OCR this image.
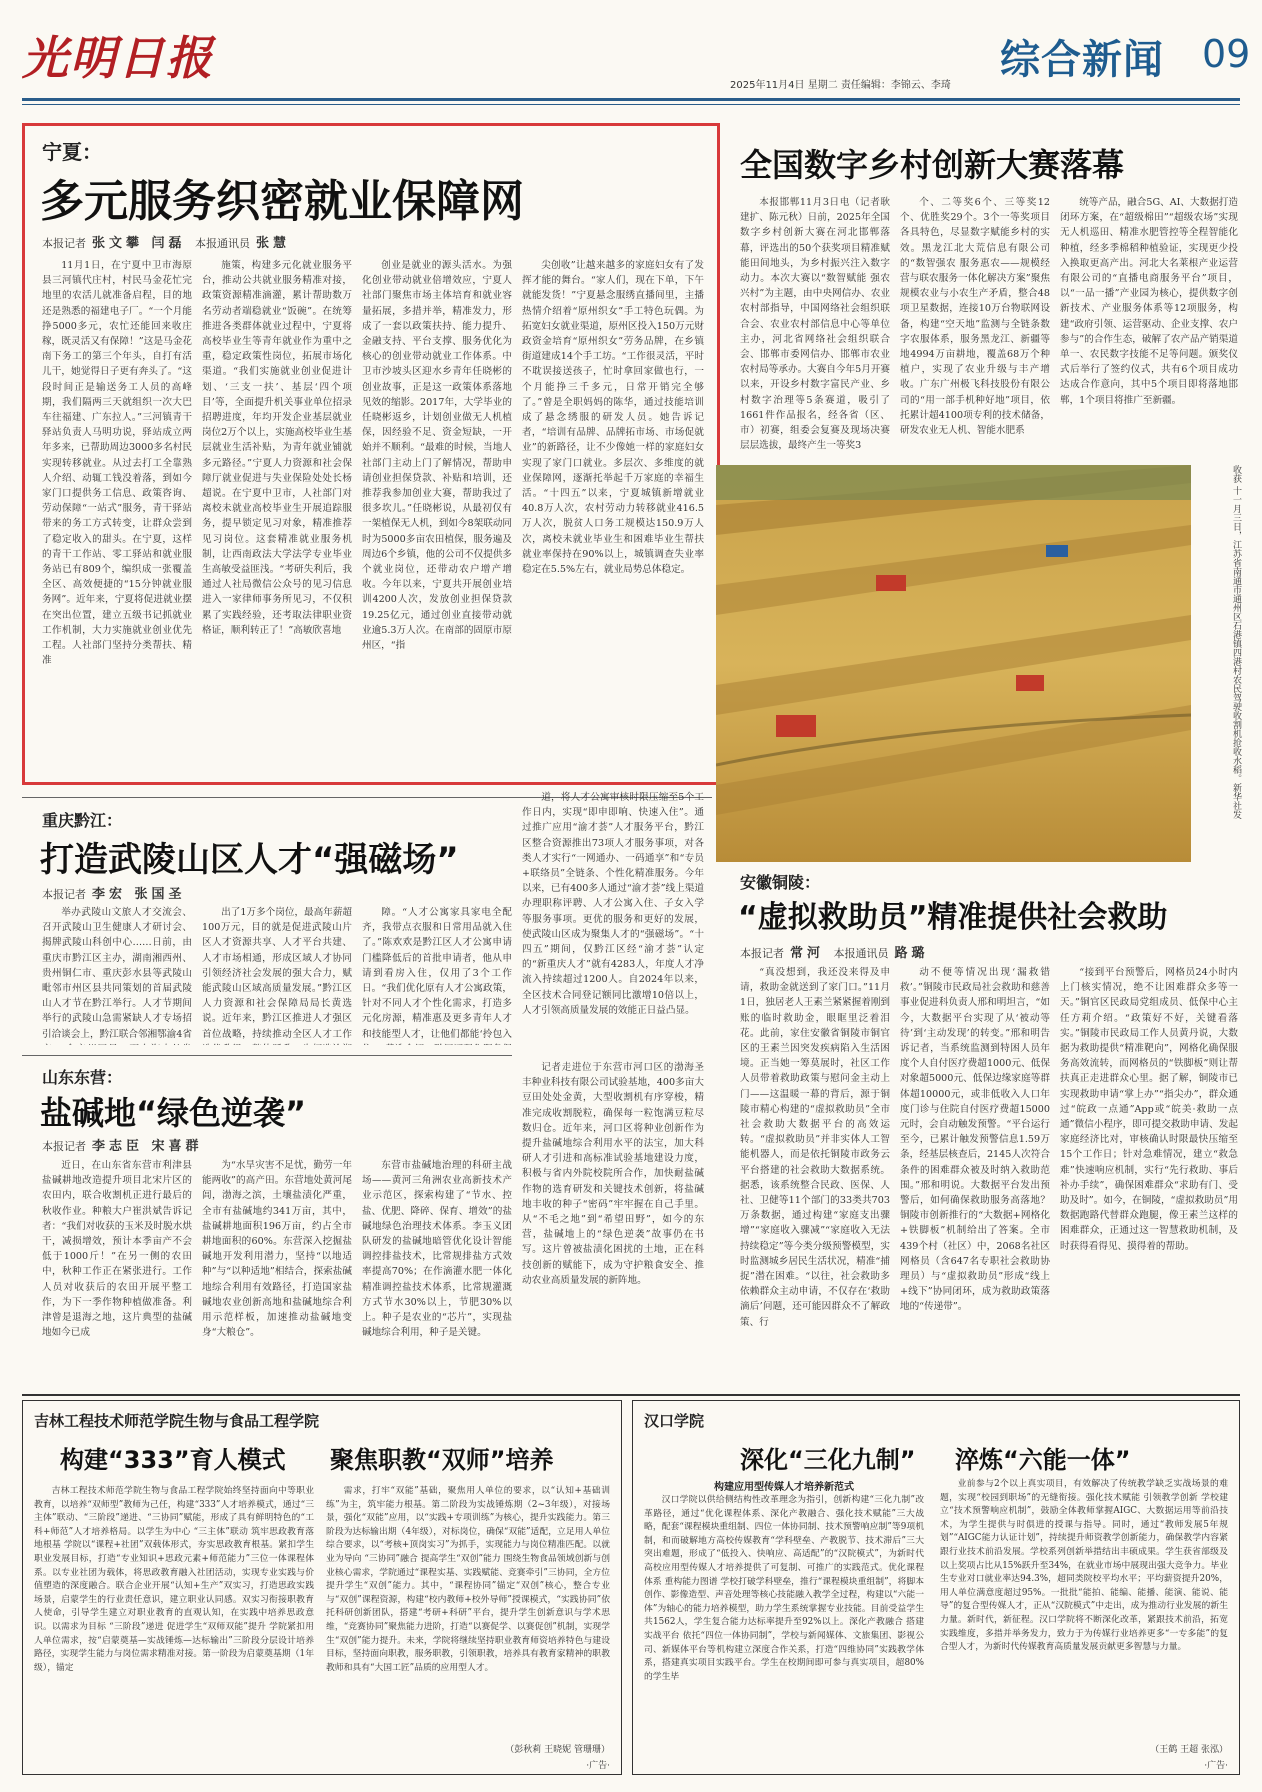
光明日报	综合新闻 09
2025年11月4日 星期二 责任编辑：李锦云、李琦
宁夏：
多元服务织密就业保障网
本报记者 张文攀 闫磊 本报通讯员 张慧

11月1日，在宁夏中卫市海原县三河镇代庄村，村民马金花忙完地里的农活儿就准备启程，目的地还是熟悉的福建电子厂。“一个月能挣5000多元，农忙还能回来收庄稼，既灵活又有保障！”这是马金花南下务工的第三个年头，自打有活儿干，她觉得日子更有奔头了。“这段时间正是输送务工人员的高峰期，我们隔两三天就组织一次大巴车往福建、广东拉人。”三河镇青干驿站负责人马明功说，驿站成立两年多来，已帮助周边3000多名村民实现转移就业。从过去打工全靠熟人介绍、动辄工钱没着落，到如今家门口提供务工信息、政策咨询、劳动保障“一站式”服务，青干驿站带来的务工方式转变，让群众尝到了稳定收入的甜头。在宁夏，这样的青干工作站、零工驿站和就业服务站已有809个，编织成一张覆盖全区、高效便捷的“15分钟就业服务网”。近年来，宁夏将促进就业摆在突出位置，建立五级书记抓就业工作机制，大力实施就业创业优先工程。人社部门坚持分类帮扶、精准

施策，构建多元化就业服务平台，推动公共就业服务精准对接，政策资源精准滴灌，累计帮助数万名劳动者端稳就业“饭碗”。在统筹推进各类群体就业过程中，宁夏将高校毕业生等青年就业作为重中之重，稳定政策性岗位，拓展市场化渠道。“我们实施就业创业促进计划、‘三支一扶’、基层‘四个项目’等，全面提升机关事业单位招录招聘进度，年均开发企业基层就业岗位2万个以上，实施高校毕业生基层就业生活补贴，为青年就业铺就多元路径。”宁夏人力资源和社会保障厅就业促进与失业保险处处长杨超说。在宁夏中卫市，人社部门对离校未就业高校毕业生开展追踪服务，提早锁定见习对象，精准推荐见习岗位。这套精准就业服务机制，让西南政法大学法学专业毕业生高敏受益匪浅。“考研失利后，我通过人社局微信公众号的见习信息进入一家律师事务所见习，不仅积累了实践经验，还考取法律职业资格证，顺利转正了！”高敏欣喜地

创业是就业的源头活水。为强化创业带动就业倍增效应，宁夏人社部门聚焦市场主体培育和就业容量拓展，多措并举，精准发力，形成了一套以政策扶持、能力提升、金融支持、平台支撑、服务优化为核心的创业带动就业工作体系。中卫市沙坡头区迎水乡青年任晓彬的创业故事，正是这一政策体系落地见效的缩影。2017年，大学毕业的任晓彬返乡，计划创业做无人机植保，因经验不足、资金短缺，一开始并不顺利。“最难的时候，当地人社部门主动上门了解情况，帮助申请创业担保贷款、补贴和培训，还推荐我参加创业大赛，帮助我过了很多坎儿。”任晓彬说，从最初仅有一架植保无人机，到如今8架联动同时为5000多亩农田植保，服务遍及周边6个乡镇，他的公司不仅提供多个就业岗位，还带动农户增产增收。今年以来，宁夏共开展创业培训4200人次，发放创业担保贷款19.25亿元，通过创业直接带动就业逾5.3万人次。在南部的固原市原州区，“指

尖创收”让越来越多的家庭妇女有了发挥才能的舞台。“家人们，现在下单，下午就能发货！”宁夏悬念服绣直播间里，主播热情介绍着“原州织女”手工特色玩偶。为拓宽妇女就业渠道，原州区投入150万元财政资金培育“原州织女”劳务品牌，在乡镇街道建成14个手工坊。“工作很灵活，平时不耽误接送孩子，忙时拿回家做也行，一个月能挣三千多元，日常开销完全够了。”曾是全职妈妈的陈华，通过技能培训成了悬念绣服的研发人员。她告诉记者，“培训有品牌、品牌拓市场、市场促就业”的新路径，让不少像她一样的家庭妇女实现了家门口就业。多层次、多维度的就业保障网，逐渐托举起千万家庭的幸福生活。“十四五”以来，宁夏城镇新增就业40.8万人次，农村劳动力转移就业416.5万人次，脱贫人口务工规模达150.9万人次，离校未就业毕业生和困难毕业生帮扶就业率保持在90%以上，城镇调查失业率稳定在5.5%左右，就业局势总体稳定。

全国数字乡村创新大赛落幕

本报邯郸11月3日电（记者耿建扩、陈元秋）日前，2025年全国数字乡村创新大赛在河北邯郸落幕，评选出的50个获奖项目精准赋能田间地头，为乡村振兴注入数字动力。本次大赛以“数智赋能 强农兴村”为主题，由中央网信办、农业农村部指导，中国网络社会组织联合会、农业农村部信息中心等单位主办，河北省网络社会组织联合会、邯郸市委网信办、邯郸市农业农村局等承办。大赛自今年5月开赛以来，开设乡村数字富民产业、乡村数字治理等5条赛道，吸引了1661件作品报名，经各省（区、市）初赛，组委会复赛及现场决赛层层选拔，最终产生一等奖3

个、二等奖6个、三等奖12个、优胜奖29个。3个一等奖项目各具特色，尽显数字赋能乡村的实效。黑龙江北大荒信息有限公司的“数智强农 服务惠农——规模经营与联农服务一体化解决方案”聚焦规模农业与小农生产矛盾，整合48项卫星数据，连接10万台物联网设备，构建“空天地”监测与全链条数字农服体系，服务黑龙江、新疆等地4994万亩耕地，覆盖68万个种植户，实现了农业升级与丰产增收。广东广州极飞科技股份有限公司的“用一部手机种好地”项目，依托累计超4100项专利的技术储备，研发农业无人机、智能水肥系

统等产品，融合5G、AI、大数据打造闭环方案，在“超级棉田”“超级农场”实现无人机巡田、精准水肥管控等全程智能化种植，经多季棉稻种植验证，实现更少投入换取更高产出。河北大名莱根产业运营有限公司的“直播电商服务平台”项目，以“一品一播”产业园为核心，提供数字创新技术、产业服务体系等12项服务，构建“政府引领、运营驱动、企业支撑、农户参与”的合作生态，破解了农产品产销渠道单一、农民数字技能不足等问题。颁奖仪式后举行了签约仪式，共有6个项目成功达成合作意向，其中5个项目即将落地邯郸，1个项目将推广至新疆。

收获 十一月三日，江苏省南通市通州区石港镇四港村农民驾驶收割机抢收水稻。新华社发
重庆黔江：
打造武陵山区人才“强磁场”
本报记者 李宏 张国圣

举办武陵山文旅人才交流会、召开武陵山卫生健康人才研讨会、揭牌武陵山科创中心……日前，由重庆市黔江区主办，湖南湘西州、贵州铜仁市、重庆彭水县等武陵山毗邻市州区县共同策划的首届武陵山人才节在黔江举行。人才节期间举行的武陵山急需紧缺人才专场招引洽谈会上，黔江联合邻湘鄂渝4省

出了1万多个岗位，最高年薪超100万元，目的就是促进武陵山片区人才资源共享、人才平台共建、人才市场相通，形成区域人才协同引领经济社会发展的强大合力，赋能武陵山区域高质量发展。”黔江区人力资源和社会保障局局长黄选说。近年来，黔江区推进人才强区首位战略，持续推动全区人才工作

障。“人才公寓家具家电全配齐，我带点衣服和日常用品就入住了。”陈欢欢是黔江区人才公寓申请门槛降低后的首批申请者，他从申请到看房入住，仅用了3个工作日。“我们优化原有人才公寓政策，针对不同人才个性化需求，打造多元化房源，精准惠及更多青年人才和技能型人才，让他们都能‘拎包入

道，将人才公寓审核时限压缩至5个工作日内，实现“即申即响、快速入住”。通过推广应用“渝才荟”人才服务平台，黔江区整合资源推出73项人才服务事项，对各类人才实行“一网通办、一码通享”和“专员+联络员”全链条、个性化精准服务。今年以来，已有400多人通过“渝才荟”线上渠道办理职称评聘、人才公寓入住、子女入学等服务事项。更优的服务和更好的发展，使武陵山区成为聚集人才的“强磁场”。“十四五”期间，仅黔江区经“渝才荟”认定的“新重庆人才”就有4283人，年度人才净流入持续超过1200人。自2024年以来，全区技术合同登记额同比激增10倍以上，人才引领高质量发展的效能正日益凸显。

安徽铜陵：
“虚拟救助员”精准提供社会救助
本报记者 常河 本报通讯员 路璐

“真没想到，我还没来得及申请，救助金就送到了家门口。”11月1日，独居老人王素兰紧紧握着刚到账的临时救助金，眼眶里泛着泪花。此前，家住安徽省铜陵市铜官区的王素兰因突发疾病陷入生活困境。正当她一筹莫展时，社区工作人员带着救助政策与慰问金主动上门——这温暖一幕的背后，源于铜陵市精心构建的“虚拟救助员”全市社会救助大数据平台的高效运转。“虚拟救助员”并非实体人工智能机器人，而是依托铜陵市政务云平台搭建的社会救助大数据系统。据悉，该系统整合民政、医保、人社、卫健等11个部门的33类共703万条数据，通过构建“家庭支出骤增”“家庭收入骤减”“家庭收入无法持续稳定”等今类分级预警模型，实时监测城乡居民生活状况，精准“捕捉”潜在困难。“以往，社会救助多依赖群众主动申请，不仅存在‘救助滴后’问题，还可能因群众不了解政策、行

动不便等情况出现‘漏救错救’。”铜陵市民政局社会救助和慈善事业促进科负责人邢和明坦言，“如今，大数据平台实现了从‘被动等待’到‘主动发现’的转变。”邢和明告诉记者，当系统监测到特困人员年度个人自付医疗费超1000元、低保对象超5000元、低保边缘家庭等群体超10000元，或非低收入人口年度门诊与住院自付医疗费超15000元时，会自动触发预警。“平台运行至今，已累计触发预警信息1.59万条，经基层核查后，2145人次符合条件的困难群众被及时纳入救助范围。”邢和明说。大数据平台发出预警后，如何确保救助服务高落地？铜陵市创新推行的“大数据+网格化+铁脚板”机制给出了答案。全市439个村（社区）中，2068名社区网格员（含647名专职社会救助协理员）与“虚拟救助员”形成“线上+线下”协同闭环，成为救助政策落地的“传递带”。

“接到平台预警后，网格员24小时内上门核实情况，绝不让困难群众多等一天。”铜官区民政局党组成员、低保中心主任方莉介绍。“政策好不好，关键看落实。”铜陵市民政局工作人员黄丹说，大数据为救助提供“精准靶向”，网格化确保服务高效流转，而网格员的“铁脚板”则让帮扶真正走进群众心里。据了解，铜陵市已实现救助申请“掌上办”“指尖办”，群众通过“皖政一点通”App或“皖美·救助一点通”微信小程序，即可提交救助申请、发起家庭经济比对，审核确认时限最快压缩至15个工作日；针对急难情况，建立“救急难”快速响应机制，实行“先行救助、事后补办手续”，确保困难群众“求助有门、受助及时”。如今，在铜陵，“虚拟救助员”用数据跑路代替群众跑腿，像王素兰这样的困难群众，正通过这一智慧救助机制，及时获得看得见、摸得着的帮助。

山东东营：
盐碱地“绿色逆袭”
本报记者 李志臣 宋喜群

近日，在山东省东营市利津县盐碱耕地改造提升项目北宋片区的农田内，联合收割机正进行最后的秋收作业。种粮大户崔洪斌告诉记者：“我们对收获的玉米及时脱水烘干，减损增效，预计本季亩产不会低于1000斤！”在另一侧的农田中，秋种工作正在紧张进行。工作人员对收获后的农田开展平整工作，为下一季作物种植做准备。利津曾是退海之地，这片典型的盐碱地如今已成

为“水旱灾害不足忧，勤劳一年能两收”的高产田。东营地处黄河尾闾，渤海之滨，土壤盐渍化严重，全市有盐碱地约341万亩，其中，盐碱耕地面积196万亩，约占全市耕地面积的60%。东营深入挖掘盐碱地开发利用潜力，坚持“以地适种”与“以种适地”相结合，探索盐碱地综合利用有效路径，打造国家盐碱地农业创新高地和盐碱地综合利用示范样板，加速推动盐碱地变身“大粮仓”。

东营市盐碱地治理的科研主战场——黄河三角洲农业高新技术产业示范区，探索构建了“节水、控盐、优肥、降碎、保育、增效”的盐碱地绿色治理技术体系。李玉义团队研发的盐碱地暗管优化设计智能调控排盐技术，比常规排盐方式效率提高70%；在作滴灌水肥一体化精准调控盐技术体系，比常规灌溉方式节水30%以上，节肥30%以上。种子是农业的“芯片”，实现盐碱地综合利用，种子是关键。

记者走进位于东营市河口区的渤海圣丰种业科技有限公司试验基地，400多亩大豆田处处金黄，大型收割机有序穿梭，精准完成收割脱粒，确保每一粒饱满豆粒尽数归仓。近年来，河口区将种业创新作为提升盐碱地综合利用水平的法宝，加大科研人才引进和高标准试验基地建设力度，积极与省内外院校院所合作，加快耐盐碱作物的选育研发和关键技术创新，将盐碱地丰收的种子“密码”牢牢握在自己手里。从“不毛之地”到“希望田野”，如今的东营，盐碱地上的“绿色逆袭”故事仍在书写。这片曾被盐渍化困扰的土地，正在科技创新的赋能下，成为守护粮食安全、推动农业高质量发展的新阵地。

吉林工程技术师范学院生物与食品工程学院
构建“333”育人模式 聚焦职教“双师”培养

吉林工程技术师范学院生物与食品工程学院始终坚持面向中等职业教育，以培养“双师型”教师为己任，构建“333”人才培养模式，通过“三主体”联动、“三阶段”递进、“三协同”赋能，形成了具有鲜明特色的“工科+师范”人才培养格局。以学生为中心 “三主体”联动 筑牢思政教育落地根基 学院以“课程+社团”双载体形式，夯实思政教育根基。紧扣学生职业发展目标，打造“专业知识+思政元素+师范能力”三位一体课程体系。以专业社团为载体，将思政教育融入社团活动，实现专业实践与价值塑造的深度融合。联合企业开展“认知+生产”双实习，打造思政实践场景，启蒙学生的行业责任意识，建立职业认同感。双实习衔接职教育人使命，引导学生建立对职业教育的直观认知，在实践中培养思政意识。以需求为目标 “三阶段”递进 促进学生“双师双能”提升 学院紧扣用人单位需求，按“启蒙奠基—实战锤炼—达标输出”三阶段分层设计培养路径，实现学生能力与岗位需求精准对接。第一阶段为启蒙奠基期（1年级），锚定

需求，打牢“双能”基础，聚焦用人单位的要求，以“认知+基础训练”为主，筑牢能力根基。第二阶段为实战锤炼期（2~3年级），对接场景，强化“双能”应用，以“实践+专项训练”为核心，提升实践能力。第三阶段为达标输出期（4年级），对标岗位，确保“双能”适配，立足用人单位综合要求，以“考核+顶岗实习”为抓手，实现能力与岗位精准匹配。以就业为导向 “三协同”融合 提高学生“双创”能力 围绕生物食品领域创新与创业核心需求，学院通过“课程实基、实践赋能、竞赛牵引”三协同，全方位提升学生“双创”能力。其中，“课程协同”锚定“双创”核心，整合专业与“双创”课程资源，构建“校内教师+校外导师”授课模式，“实践协同”依托科研创新团队，搭建“考研+科研”平台，提升学生创新意识与学术思维，“竞赛协同”聚焦能力进阶，打造“以赛促学、以赛促创”机制，实现学生“双创”能力提升。未来，学院将继续坚持职业教育师资培养特色与建设目标，坚持面向职教，服务职教，引领职教，培养具有教育家精神的职教教师和具有“大国工匠”品质的应用型人才。

（彭秋莉 王晓妮 管珊珊）
·广告·
汉口学院
深化“三化九制” 淬炼“六能一体”
构建应用型传媒人才培养新范式

汉口学院以供给侧结构性改革理念为指引，创新构建“三化九制”改革路径，通过“优化课程体系、深化产教融合、强化技术赋能”三大战略，配套“课程模块重组制、四位一体协同制、技术预警响应制”等9项机制，和而破解地方高校传媒教育“学科壁垒、产教脱节、技术滞后”三大突出难题，形成了“低投入、快响应、高适配”的“汉院模式”，为新时代高校应用型传媒人才培养提供了可复制、可推广的实践范式。优化课程体系 重构能力图谱 学校打破学科壁垒，推行“课程模块重组制”，将脚本创作、影像造型、声音处理等核心技能融入教学全过程，构建以“六能一体”为轴心的能力培养模型，助力学生系统掌握专业技能。目前受益学生共1562人，学生复合能力达标率提升至92%以上。深化产教融合 搭建实战平台 依托“四位一体协同制”，学校与新闻媒体、文旅集团、影视公司、新媒体平台等机构建立深度合作关系，打造“四维协同”实践教学体系，搭建真实项目实践平台。学生在校期间即可参与真实项目，超80%的学生毕

业前参与2个以上真实项目，有效解决了传统教学缺乏实战场景的难题，实现“校园到职场”的无缝衔接。强化技术赋能 引领教学创新 学校建立“技术预警响应机制”，鼓励全体教师掌握AIGC、大数据运用等前沿技术，为学生提供与时俱进的授课与指导。同时，通过“教师发展5年规划”“AIGC能力认证计划”，持续提升师资教学创新能力，确保教学内容紧跟行业技术前沿发展。学校系列创新举措结出丰硕成果。学生获省部级及以上奖项占比从15%跃升至34%，在就业市场中展现出强大竞争力。毕业生专业对口就业率达94.3%，超同类院校平均水平；平均薪资提升20%，用人单位满意度超过95%。一批批“能拍、能编、能播、能演、能说、能导”的复合型传媒人才，正从“汉院模式”中走出，成为推动行业发展的新生力量。新时代，新征程。汉口学院将不断深化改革，紧跟技术前沿，拓宽实践维度，多措并举务发力，致力于为传媒行业培养更多“一专多能”的复合型人才，为新时代传媒教育高质量发展贡献更多智慧与力量。

（王鹤 王超 张泓）
·广告·
